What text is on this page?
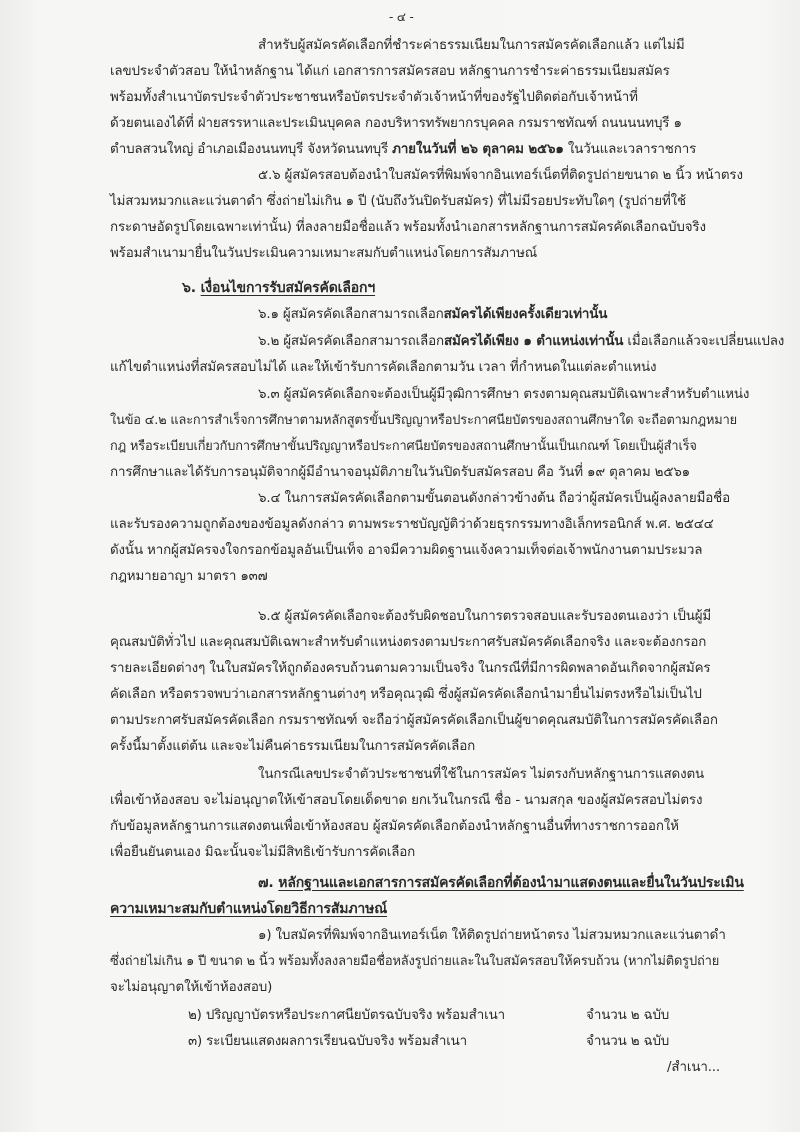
- ๔ -
สำหรับผู้สมัครคัดเลือกที่ชำระค่าธรรมเนียมในการสมัครคัดเลือกแล้ว แต่ไม่มี
เลขประจำตัวสอบ ให้นำหลักฐาน ได้แก่ เอกสารการสมัครสอบ หลักฐานการชำระค่าธรรมเนียมสมัคร
พร้อมทั้งสำเนาบัตรประจำตัวประชาชนหรือบัตรประจำตัวเจ้าหน้าที่ของรัฐไปติดต่อกับเจ้าหน้าที่
ด้วยตนเองได้ที่ ฝ่ายสรรหาและประเมินบุคคล กองบริหารทรัพยากรบุคคล กรมราชทัณฑ์ ถนนนนทบุรี ๑
ตำบลสวนใหญ่ อำเภอเมืองนนทบุรี จังหวัดนนทบุรี ภายในวันที่ ๒๖ ตุลาคม ๒๕๖๑ ในวันและเวลาราชการ
๕.๖ ผู้สมัครสอบต้องนำใบสมัครที่พิมพ์จากอินเทอร์เน็ตที่ติดรูปถ่ายขนาด ๒ นิ้ว หน้าตรง
ไม่สวมหมวกและแว่นตาดำ ซึ่งถ่ายไม่เกิน ๑ ปี (นับถึงวันปิดรับสมัคร) ที่ไม่มีรอยประทับใดๆ (รูปถ่ายที่ใช้
กระดาษอัดรูปโดยเฉพาะเท่านั้น) ที่ลงลายมือชื่อแล้ว พร้อมทั้งนำเอกสารหลักฐานการสมัครคัดเลือกฉบับจริง
พร้อมสำเนามายื่นในวันประเมินความเหมาะสมกับตำแหน่งโดยการสัมภาษณ์
๖. เงื่อนไขการรับสมัครคัดเลือกฯ
๖.๑ ผู้สมัครคัดเลือกสามารถเลือกสมัครได้เพียงครั้งเดียวเท่านั้น
๖.๒ ผู้สมัครคัดเลือกสามารถเลือกสมัครได้เพียง ๑ ตำแหน่งเท่านั้น เมื่อเลือกแล้วจะเปลี่ยนแปลง
แก้ไขตำแหน่งที่สมัครสอบไม่ได้ และให้เข้ารับการคัดเลือกตามวัน เวลา ที่กำหนดในแต่ละตำแหน่ง
๖.๓ ผู้สมัครคัดเลือกจะต้องเป็นผู้มีวุฒิการศึกษา ตรงตามคุณสมบัติเฉพาะสำหรับตำแหน่ง
ในข้อ ๔.๒ และการสำเร็จการศึกษาตามหลักสูตรขั้นปริญญาหรือประกาศนียบัตรของสถานศึกษาใด จะถือตามกฎหมาย
กฎ หรือระเบียบเกี่ยวกับการศึกษาขั้นปริญญาหรือประกาศนียบัตรของสถานศึกษานั้นเป็นเกณฑ์ โดยเป็นผู้สำเร็จ
การศึกษาและได้รับการอนุมัติจากผู้มีอำนาจอนุมัติภายในวันปิดรับสมัครสอบ คือ วันที่ ๑๙ ตุลาคม ๒๕๖๑
๖.๔ ในการสมัครคัดเลือกตามขั้นตอนดังกล่าวข้างต้น ถือว่าผู้สมัครเป็นผู้ลงลายมือชื่อ
และรับรองความถูกต้องของข้อมูลดังกล่าว ตามพระราชบัญญัติว่าด้วยธุรกรรมทางอิเล็กทรอนิกส์ พ.ศ. ๒๕๔๔
ดังนั้น หากผู้สมัครจงใจกรอกข้อมูลอันเป็นเท็จ อาจมีความผิดฐานแจ้งความเท็จต่อเจ้าพนักงานตามประมวล
กฎหมายอาญา มาตรา ๑๓๗
๖.๕ ผู้สมัครคัดเลือกจะต้องรับผิดชอบในการตรวจสอบและรับรองตนเองว่า เป็นผู้มี
คุณสมบัติทั่วไป และคุณสมบัติเฉพาะสำหรับตำแหน่งตรงตามประกาศรับสมัครคัดเลือกจริง และจะต้องกรอก
รายละเอียดต่างๆ ในใบสมัครให้ถูกต้องครบถ้วนตามความเป็นจริง ในกรณีที่มีการผิดพลาดอันเกิดจากผู้สมัคร
คัดเลือก หรือตรวจพบว่าเอกสารหลักฐานต่างๆ หรือคุณวุฒิ ซึ่งผู้สมัครคัดเลือกนำมายื่นไม่ตรงหรือไม่เป็นไป
ตามประกาศรับสมัครคัดเลือก กรมราชทัณฑ์ จะถือว่าผู้สมัครคัดเลือกเป็นผู้ขาดคุณสมบัติในการสมัครคัดเลือก
ครั้งนี้มาตั้งแต่ต้น และจะไม่คืนค่าธรรมเนียมในการสมัครคัดเลือก
ในกรณีเลขประจำตัวประชาชนที่ใช้ในการสมัคร ไม่ตรงกับหลักฐานการแสดงตน
เพื่อเข้าห้องสอบ จะไม่อนุญาตให้เข้าสอบโดยเด็ดขาด ยกเว้นในกรณี ชื่อ - นามสกุล ของผู้สมัครสอบไม่ตรง
กับข้อมูลหลักฐานการแสดงตนเพื่อเข้าห้องสอบ ผู้สมัครคัดเลือกต้องนำหลักฐานอื่นที่ทางราชการออกให้
เพื่อยืนยันตนเอง มิฉะนั้นจะไม่มีสิทธิเข้ารับการคัดเลือก
๗. หลักฐานและเอกสารการสมัครคัดเลือกที่ต้องนำมาแสดงตนและยื่นในวันประเมิน
ความเหมาะสมกับตำแหน่งโดยวิธีการสัมภาษณ์
๑) ใบสมัครที่พิมพ์จากอินเทอร์เน็ต ให้ติดรูปถ่ายหน้าตรง ไม่สวมหมวกและแว่นตาดำ
ซึ่งถ่ายไม่เกิน ๑ ปี ขนาด ๒ นิ้ว พร้อมทั้งลงลายมือชื่อหลังรูปถ่ายและในใบสมัครสอบให้ครบถ้วน (หากไม่ติดรูปถ่าย
จะไม่อนุญาตให้เข้าห้องสอบ)
๒) ปริญญาบัตรหรือประกาศนียบัตรฉบับจริง พร้อมสำเนา	จำนวน ๒ ฉบับ
๓) ระเบียนแสดงผลการเรียนฉบับจริง พร้อมสำเนา	จำนวน ๒ ฉบับ
/สำเนา...
